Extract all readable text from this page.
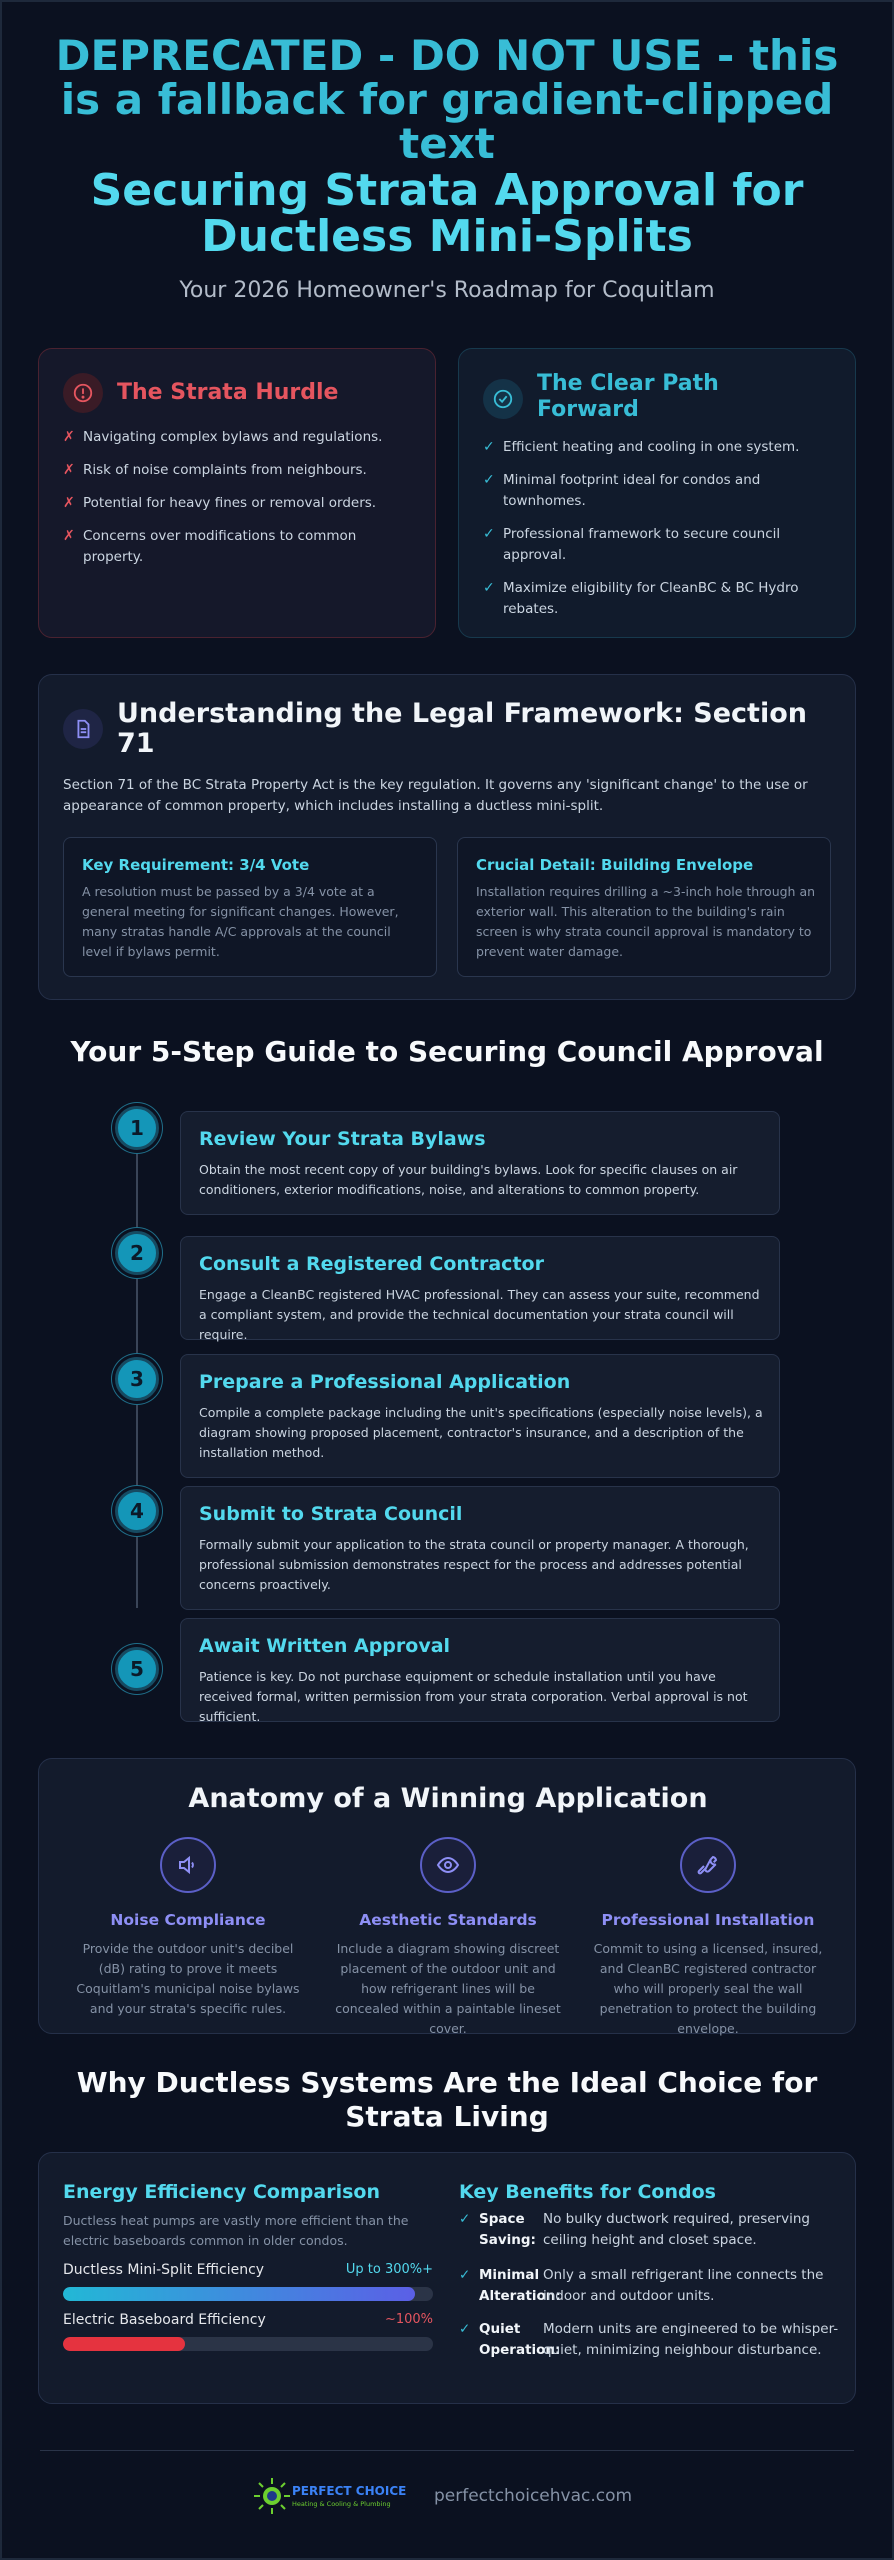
DEPRECATED - DO NOT USE - this is a fallback for gradient-clipped text
Securing Strata Approval for Ductless Mini-Splits
Your 2026 Homeowner's Roadmap for Coquitlam
The Strata Hurdle
✗ Navigating complex bylaws and regulations.
✗ Risk of noise complaints from neighbours.
✗ Potential for heavy fines or removal orders.
✗ Concerns over modifications to common property.
The Clear Path Forward
✓ Efficient heating and cooling in one system.
✓ Minimal footprint ideal for condos and townhomes.
✓ Professional framework to secure council approval.
✓ Maximize eligibility for CleanBC & BC Hydro rebates.
Understanding the Legal Framework: Section 71
Section 71 of the BC Strata Property Act is the key regulation. It governs any 'significant change' to the use or appearance of common property, which includes installing a ductless mini-split.
Key Requirement: 3/4 Vote
A resolution must be passed by a 3/4 vote at a general meeting for significant changes. However, many stratas handle A/C approvals at the council level if bylaws permit.
Crucial Detail: Building Envelope
Installation requires drilling a ~3-inch hole through an exterior wall. This alteration to the building's rain screen is why strata council approval is mandatory to prevent water damage.
Your 5-Step Guide to Securing Council Approval
1	Review Your Strata Bylaws
Obtain the most recent copy of your building's bylaws. Look for specific clauses on air conditioners, exterior modifications, noise, and alterations to common property.
2	Consult a Registered Contractor
Engage a CleanBC registered HVAC professional. They can assess your suite, recommend a compliant system, and provide the technical documentation your strata council will require.
3	Prepare a Professional Application
Compile a complete package including the unit's specifications (especially noise levels), a diagram showing proposed placement, contractor's insurance, and a description of the installation method.
4	Submit to Strata Council
Formally submit your application to the strata council or property manager. A thorough, professional submission demonstrates respect for the process and addresses potential concerns proactively.
5
Await Written Approval
Patience is key. Do not purchase equipment or schedule installation until you have received formal, written permission from your strata corporation. Verbal approval is not sufficient.
Anatomy of a Winning Application
Noise Compliance
Provide the outdoor unit's decibel (dB) rating to prove it meets Coquitlam's municipal noise bylaws and your strata's specific rules.
Aesthetic Standards
Include a diagram showing discreet placement of the outdoor unit and how refrigerant lines will be concealed within a paintable lineset cover.
Professional Installation
Commit to using a licensed, insured, and CleanBC registered contractor who will properly seal the wall penetration to protect the building envelope.
Why Ductless Systems Are the Ideal Choice for Strata Living
Energy Efficiency Comparison
Ductless heat pumps are vastly more efficient than the electric baseboards common in older condos.
Ductless Mini-Split Efficiency	Up to 300%+
Electric Baseboard Efficiency	~100%
Key Benefits for Condos
✓ Space Saving:
No bulky ductwork required, preserving ceiling height and closet space.
✓ Minimal Alteration:
Only a small refrigerant line connects the indoor and outdoor units.
✓ Quiet Operation:
Modern units are engineered to be whisper-quiet, minimizing neighbour disturbance.
PERFECT CHOICE
Heating & Cooling & Plumbing	perfectchoicehvac.com
